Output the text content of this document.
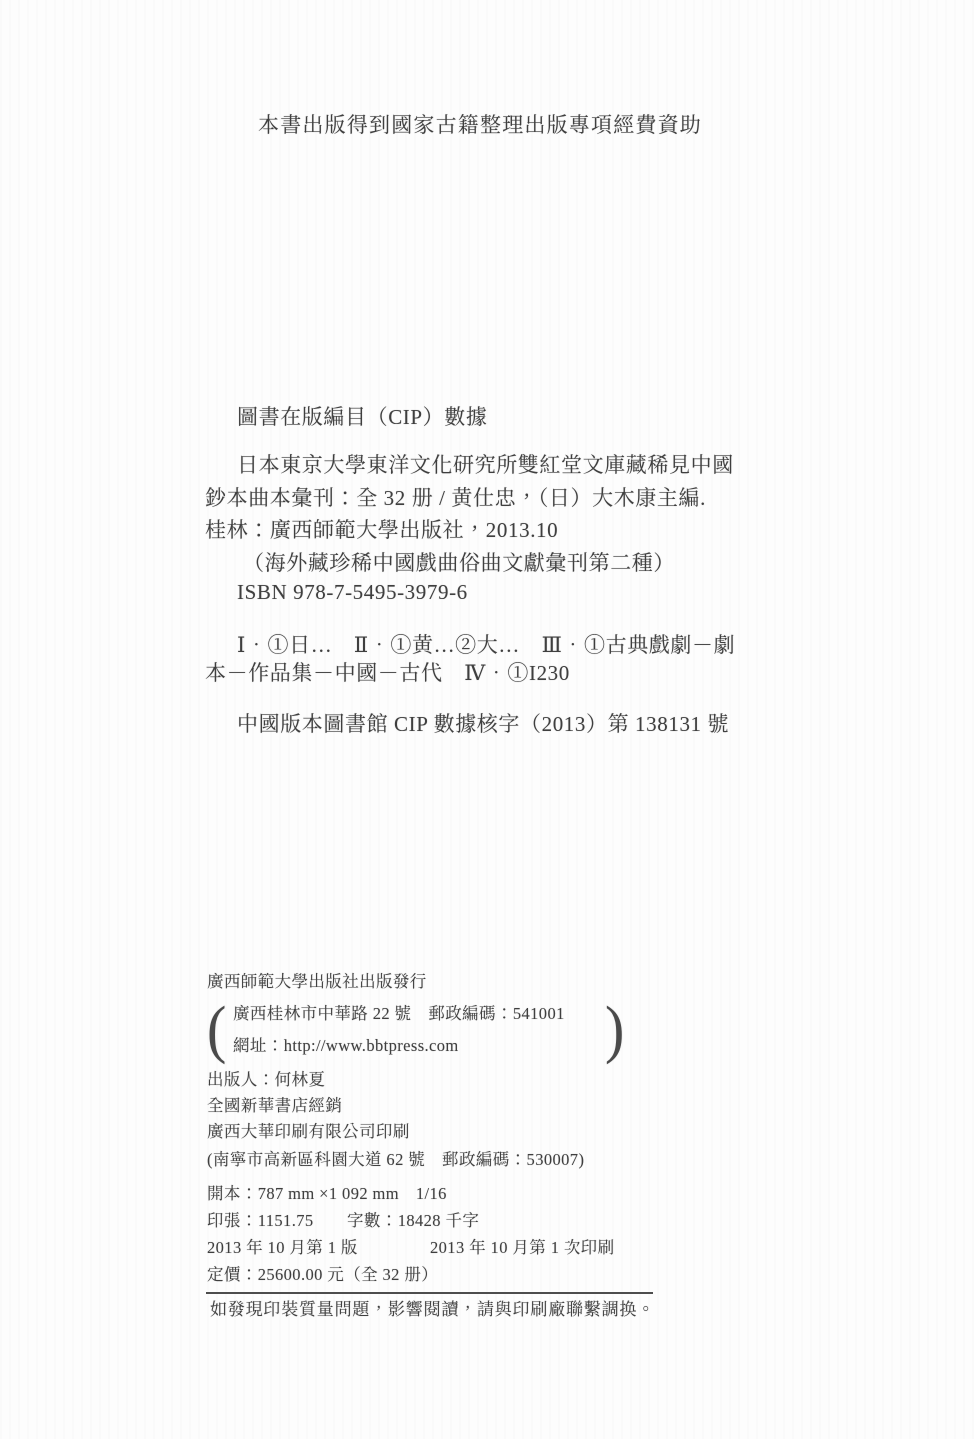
本書出版得到國家古籍整理出版專項經費資助
圖書在版編目（CIP）數據
日本東京大學東洋文化研究所雙紅堂文庫藏稀見中國
鈔本曲本彙刊：全 32 册 / 黄仕忠，（日）大木康主編.
桂林：廣西師範大學出版社，2013.10
（海外藏珍稀中國戲曲俗曲文獻彙刊第二種）
ISBN 978-7-5495-3979-6
Ⅰ．①日…　Ⅱ．①黄…②大…　Ⅲ．①古典戲劇－劇
本－作品集－中國－古代　Ⅳ．①I230
中國版本圖書館 CIP 數據核字（2013）第 138131 號
廣西師範大學出版社出版發行
( 廣西桂林市中華路 22 號　郵政編碼：541001
網址：http://www.bbtpress.com	)
出版人：何林夏
全國新華書店經銷
廣西大華印刷有限公司印刷
(南寧市高新區科園大道 62 號　郵政編碼：530007)
開本：787 mm ×1 092 mm　1/16
印張：1151.75 字數：18428 千字
2013 年 10 月第 1 版	2013 年 10 月第 1 次印刷
定價：25600.00 元（全 32 册）
如發現印裝質量問題，影響閱讀，請與印刷廠聯繫調换。
